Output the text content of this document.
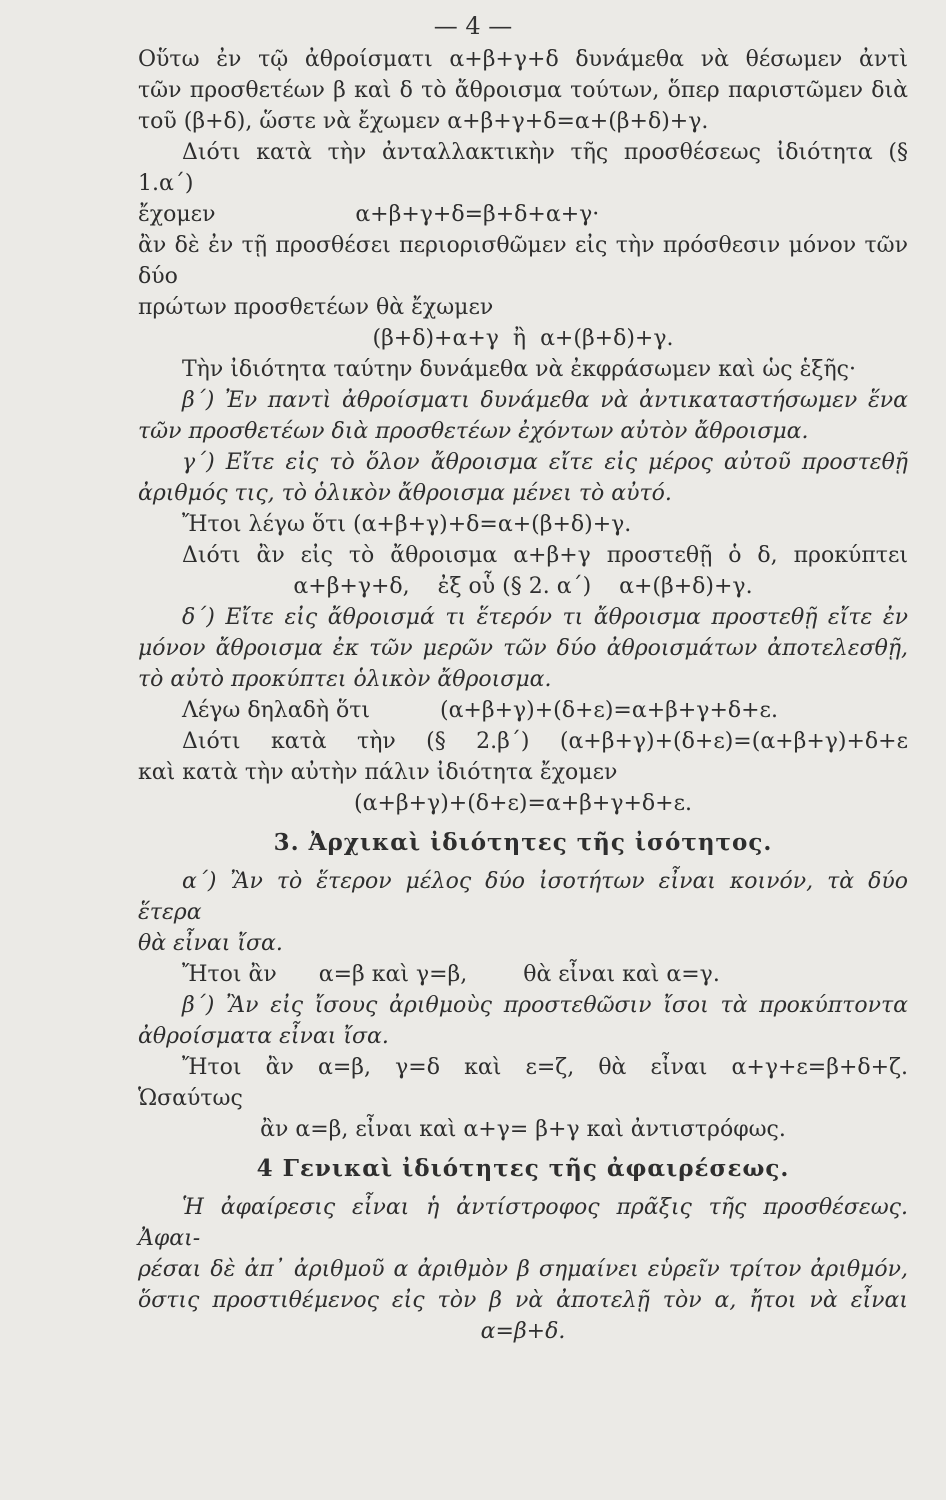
— 4 —

Οὕτω ἐν τῷ ἀθροίσματι α+β+γ+δ δυνάμεθα νὰ θέσωμεν ἀντὶ

τῶν προσθετέων β καὶ δ τὸ ἄθροισμα τούτων, ὅπερ παριστῶμεν διὰ

τοῦ (β+δ), ὥστε νὰ ἔχωμεν α+β+γ+δ=α+(β+δ)+γ.

Διότι κατὰ τὴν ἀνταλλακτικὴν τῆς προσθέσεως ἰδιότητα (§ 1.α΄)

ἔχομεν                    α+β+γ+δ=β+δ+α+γ·

ἂν δὲ ἐν τῇ προσθέσει περιορισθῶμεν εἰς τὴν πρόσθεσιν μόνον τῶν δύο

πρώτων προσθετέων θὰ ἔχωμεν

(β+δ)+α+γ  ἢ  α+(β+δ)+γ.

Τὴν ἰδιότητα ταύτην δυνάμεθα νὰ ἐκφράσωμεν καὶ ὡς ἑξῆς·

β΄) Ἐν παντὶ ἀθροίσματι δυνάμεθα νὰ ἀντικαταστήσωμεν ἕνα

τῶν προσθετέων διὰ προσθετέων ἐχόντων αὐτὸν ἄθροισμα.

γ΄) Εἴτε εἰς τὸ ὅλον ἄθροισμα εἴτε εἰς μέρος αὐτοῦ προστεθῇ

ἀριθμός τις, τὸ ὁλικὸν ἄθροισμα μένει τὸ αὐτό.

Ἤτοι λέγω ὅτι (α+β+γ)+δ=α+(β+δ)+γ.

Διότι ἂν εἰς τὸ ἄθροισμα α+β+γ προστεθῇ ὁ δ, προκύπτει

α+β+γ+δ,    ἐξ οὗ (§ 2. α΄)    α+(β+δ)+γ.

δ΄) Εἴτε εἰς ἄθροισμά τι ἕτερόν τι ἄθροισμα προστεθῇ εἴτε ἐν

μόνον ἄθροισμα ἐκ τῶν μερῶν τῶν δύο ἀθροισμάτων ἀποτελεσθῇ,

τὸ αὐτὸ προκύπτει ὁλικὸν ἄθροισμα.

Λέγω δηλαδὴ ὅτι          (α+β+γ)+(δ+ε)=α+β+γ+δ+ε.

Διότι κατὰ τὴν (§ 2.β΄) (α+β+γ)+(δ+ε)=(α+β+γ)+δ+ε

καὶ κατὰ τὴν αὐτὴν πάλιν ἰδιότητα ἔχομεν

(α+β+γ)+(δ+ε)=α+β+γ+δ+ε.

3. Ἀρχικαὶ ἰδιότητες τῆς ἰσότητος.

α΄) Ἂν τὸ ἕτερον μέλος δύο ἰσοτήτων εἶναι κοινόν, τὰ δύο ἕτερα

θὰ εἶναι ἴσα.

Ἤτοι ἂν      α=β καὶ γ=β,        θὰ εἶναι καὶ α=γ.

β΄) Ἂν εἰς ἴσους ἀριθμοὺς προστεθῶσιν ἴσοι τὰ προκύπτοντα

ἀθροίσματα εἶναι ἴσα.

Ἤτοι ἂν α=β, γ=δ καὶ ε=ζ, θὰ εἶναι α+γ+ε=β+δ+ζ.

Ὡσαύτως

ἂν α=β, εἶναι καὶ α+γ= β+γ καὶ ἀντιστρόφως.

4 Γενικαὶ ἰδιότητες τῆς ἀφαιρέσεως.

Ἡ ἀφαίρεσις εἶναι ἡ ἀντίστροφος πρᾶξις τῆς προσθέσεως. Ἀφαι-

ρέσαι δὲ ἀπ᾽ ἀριθμοῦ α ἀριθμὸν β σημαίνει εὑρεῖν τρίτον ἀριθμόν,

ὅστις προστιθέμενος εἰς τὸν β νὰ ἀποτελῇ τὸν α, ἤτοι νὰ εἶναι

α=β+δ.
